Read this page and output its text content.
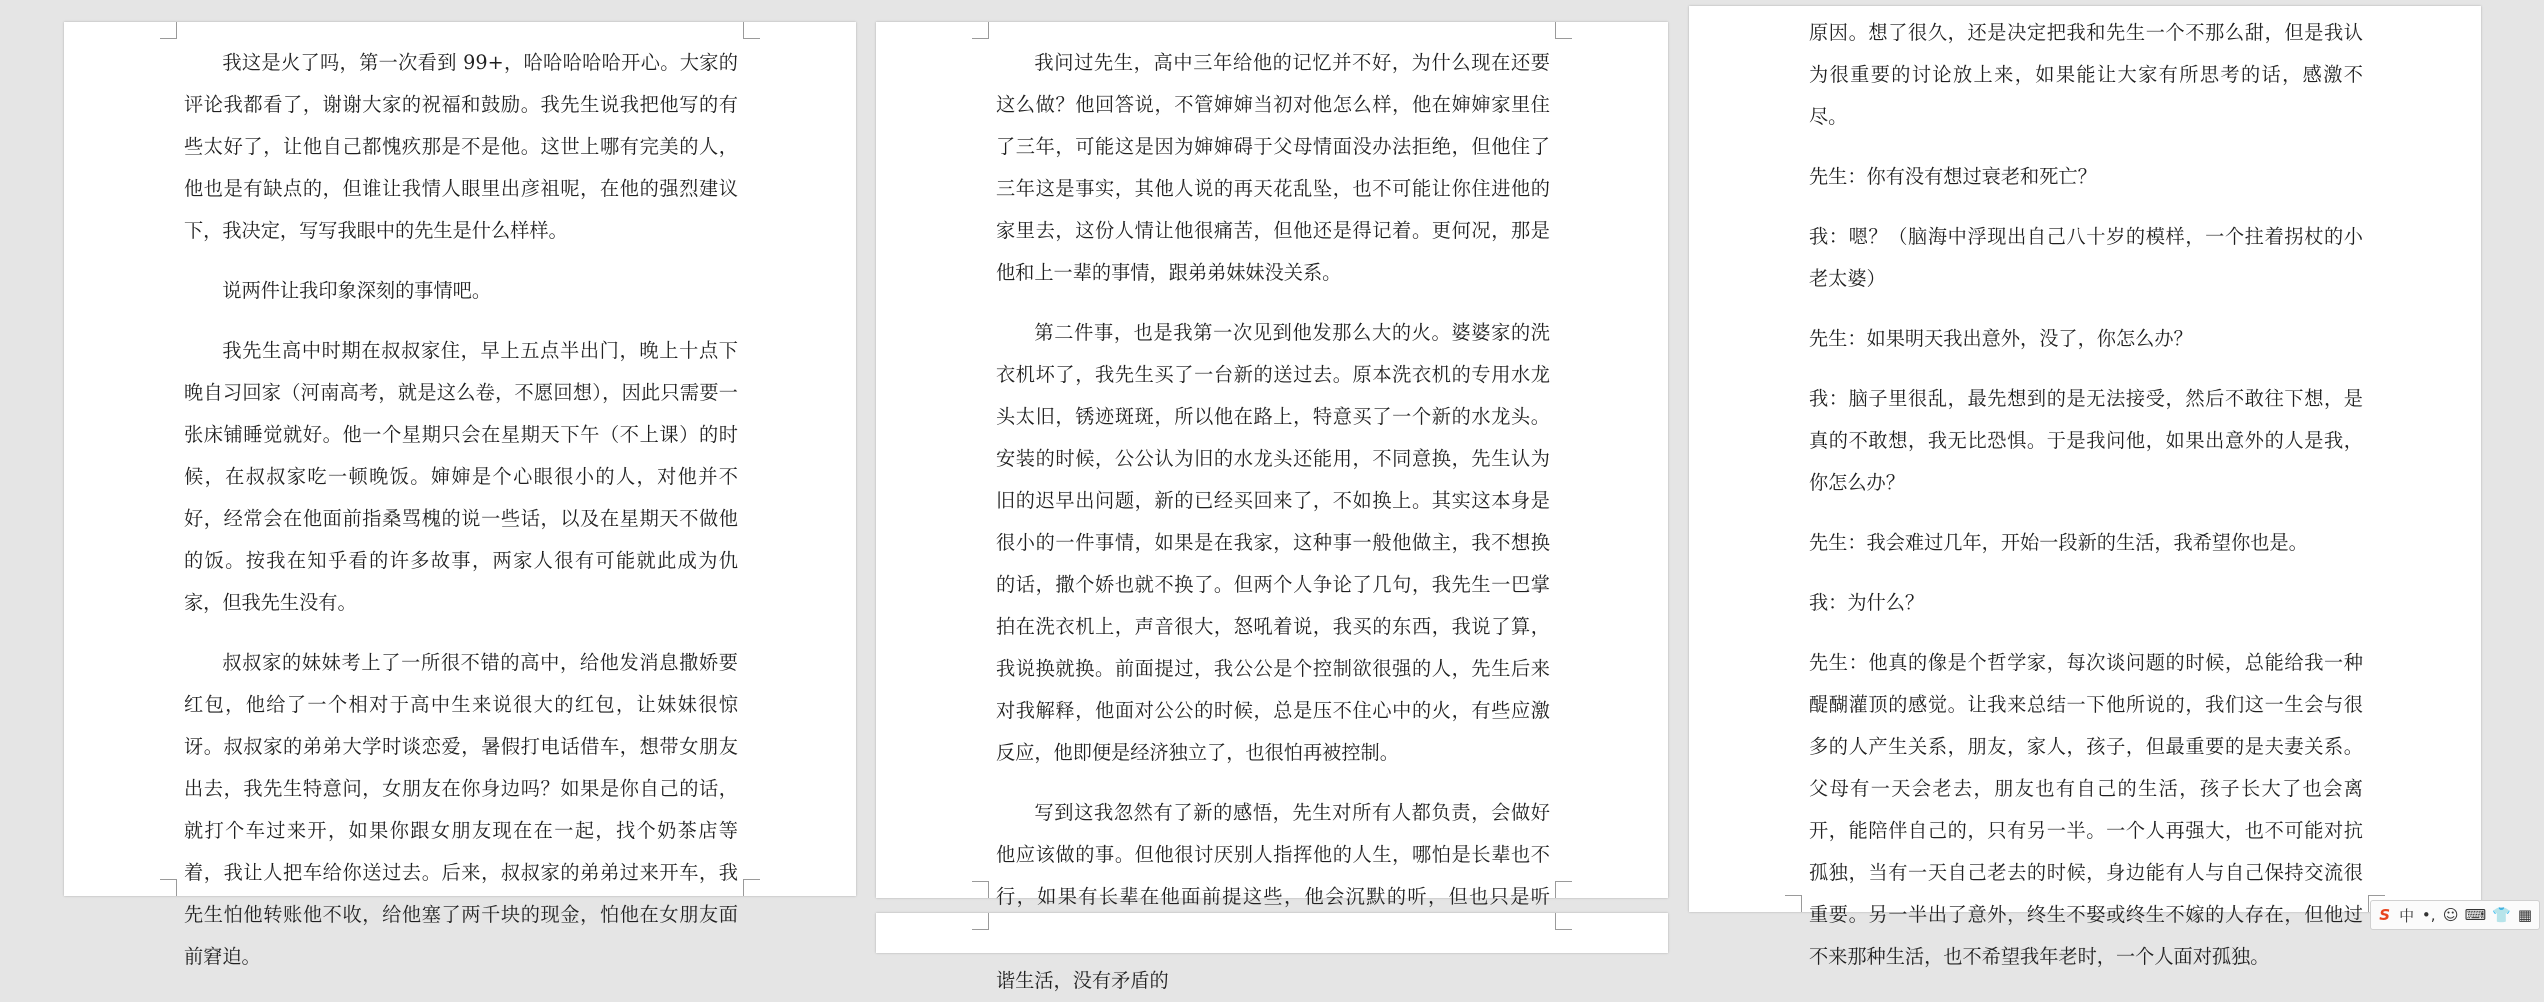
我这是火了吗，第一次看到 99+，哈哈哈哈哈开心。大家的评论我都看了，谢谢大家的祝福和鼓励。我先生说我把他写的有些太好了，让他自己都愧疚那是不是他。这世上哪有完美的人，他也是有缺点的，但谁让我情人眼里出彦祖呢，在他的强烈建议下，我决定，写写我眼中的先生是什么样样。

说两件让我印象深刻的事情吧。

我先生高中时期在叔叔家住，早上五点半出门，晚上十点下晚自习回家（河南高考，就是这么卷，不愿回想），因此只需要一张床铺睡觉就好。他一个星期只会在星期天下午（不上课）的时候，在叔叔家吃一顿晚饭。婶婶是个心眼很小的人，对他并不好，经常会在他面前指桑骂槐的说一些话，以及在星期天不做他的饭。按我在知乎看的许多故事，两家人很有可能就此成为仇家，但我先生没有。

叔叔家的妹妹考上了一所很不错的高中，给他发消息撒娇要红包，他给了一个相对于高中生来说很大的红包，让妹妹很惊讶。叔叔家的弟弟大学时谈恋爱，暑假打电话借车，想带女朋友出去，我先生特意问，女朋友在你身边吗？如果是你自己的话，就打个车过来开，如果你跟女朋友现在在一起，找个奶茶店等着，我让人把车给你送过去。后来，叔叔家的弟弟过来开车，我先生怕他转账他不收，给他塞了两千块的现金，怕他在女朋友面前窘迫。

我问过先生，高中三年给他的记忆并不好，为什么现在还要这么做？他回答说，不管婶婶当初对他怎么样，他在婶婶家里住了三年，可能这是因为婶婶碍于父母情面没办法拒绝，但他住了三年这是事实，其他人说的再天花乱坠，也不可能让你住进他的家里去，这份人情让他很痛苦，但他还是得记着。更何况，那是他和上一辈的事情，跟弟弟妹妹没关系。

第二件事，也是我第一次见到他发那么大的火。婆婆家的洗衣机坏了，我先生买了一台新的送过去。原本洗衣机的专用水龙头太旧，锈迹斑斑，所以他在路上，特意买了一个新的水龙头。安装的时候，公公认为旧的水龙头还能用，不同意换，先生认为旧的迟早出问题，新的已经买回来了，不如换上。其实这本身是很小的一件事情，如果是在我家，这种事一般他做主，我不想换的话，撒个娇也就不换了。但两个人争论了几句，我先生一巴掌拍在洗衣机上，声音很大，怒吼着说，我买的东西，我说了算，我说换就换。前面提过，我公公是个控制欲很强的人，先生后来对我解释，他面对公公的时候，总是压不住心中的火，有些应激反应，他即便是经济独立了，也很怕再被控制。

写到这我忽然有了新的感悟，先生对所有人都负责，会做好他应该做的事。但他很讨厌别人指挥他的人生，哪怕是长辈也不行，如果有长辈在他面前提这些，他会沉默的听，但也只是听 谐生活，没有矛盾的

原因。想了很久，还是决定把我和先生一个不那么甜，但是我认为很重要的讨论放上来，如果能让大家有所思考的话，感激不尽。

先生：你有没有想过衰老和死亡？

我：嗯？（脑海中浮现出自己八十岁的模样，一个拄着拐杖的小老太婆）

先生：如果明天我出意外，没了，你怎么办？

我：脑子里很乱，最先想到的是无法接受，然后不敢往下想，是真的不敢想，我无比恐惧。于是我问他，如果出意外的人是我，你怎么办？

先生：我会难过几年，开始一段新的生活，我希望你也是。

我：为什么？

先生：他真的像是个哲学家，每次谈问题的时候，总能给我一种醍醐灌顶的感觉。让我来总结一下他所说的，我们这一生会与很多的人产生关系，朋友，家人，孩子，但最重要的是夫妻关系。父母有一天会老去，朋友也有自己的生活，孩子长大了也会离开，能陪伴自己的，只有另一半。一个人再强大，也不可能对抗孤独，当有一天自己老去的时候，身边能有人与自己保持交流很重要。另一半出了意外，终生不娶或终生不嫁的人存在，但他过不来那种生活，也不希望我年老时，一个人面对孤独。

S 中 •, ☺ ⌨ 👕 ▦
